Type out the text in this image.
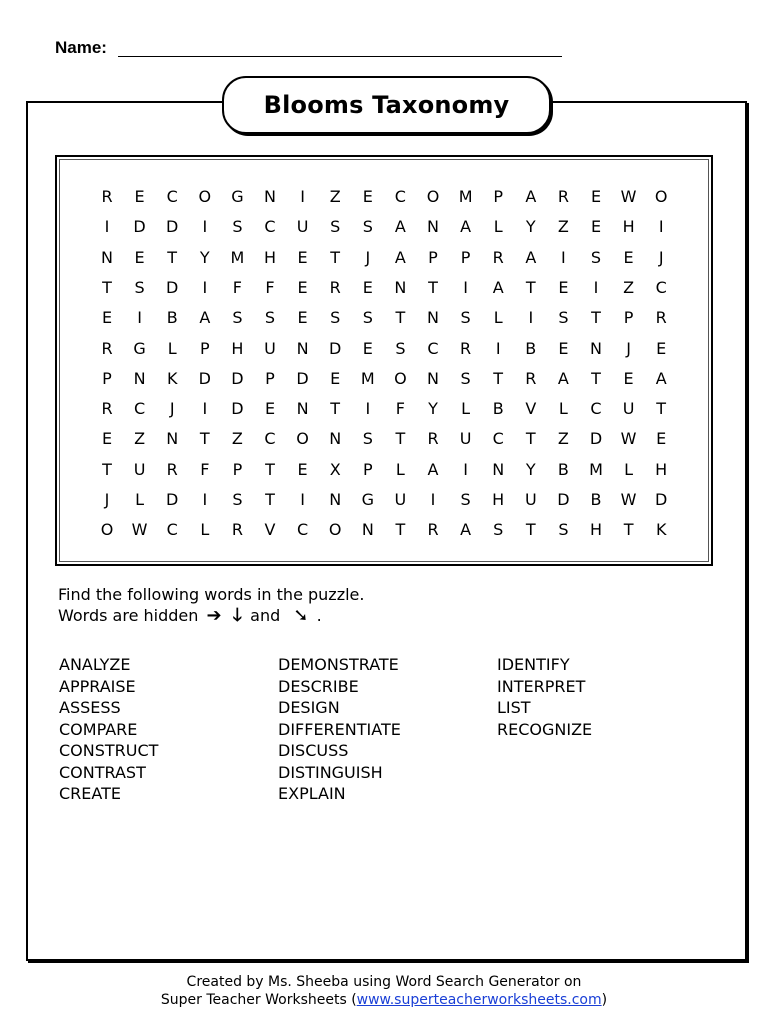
Name:
Blooms Taxonomy
R	E	C	O	G	N	I	Z	E	C	O	M	P	A	R	E	W	O
I	D	D	I	S	C	U	S	S	A	N	A	L	Y	Z	E	H	I
N	E	T	Y	M	H	E	T	J	A	P	P	R	A	I	S	E	J
T	S	D	I	F	F	E	R	E	N	T	I	A	T	E	I	Z	C
E	I	B	A	S	S	E	S	S	T	N	S	L	I	S	T	P	R
R	G	L	P	H	U	N	D	E	S	C	R	I	B	E	N	J	E
P	N	K	D	D	P	D	E	M	O	N	S	T	R	A	T	E	A
R	C	J	I	D	E	N	T	I	F	Y	L	B	V	L	C	U	T
E	Z	N	T	Z	C	O	N	S	T	R	U	C	T	Z	D	W	E
T	U	R	F	P	T	E	X	P	L	A	I	N	Y	B	M	L	H
J	L	D	I	S	T	I	N	G	U	I	S	H	U	D	B	W	D
O	W	C	L	R	V	C	O	N	T	R	A	S	T	S	H	T	K
Find the following words in the puzzle.
Words are hidden ➔ 🡓 and ➘ .
ANALYZE
APPRAISE
ASSESS
COMPARE
CONSTRUCT
CONTRAST
CREATE
DEMONSTRATE
DESCRIBE
DESIGN
DIFFERENTIATE
DISCUSS
DISTINGUISH
EXPLAIN
IDENTIFY
INTERPRET
LIST
RECOGNIZE
Created by Ms. Sheeba using Word Search Generator on
Super Teacher Worksheets (www.superteacherworksheets.com)
